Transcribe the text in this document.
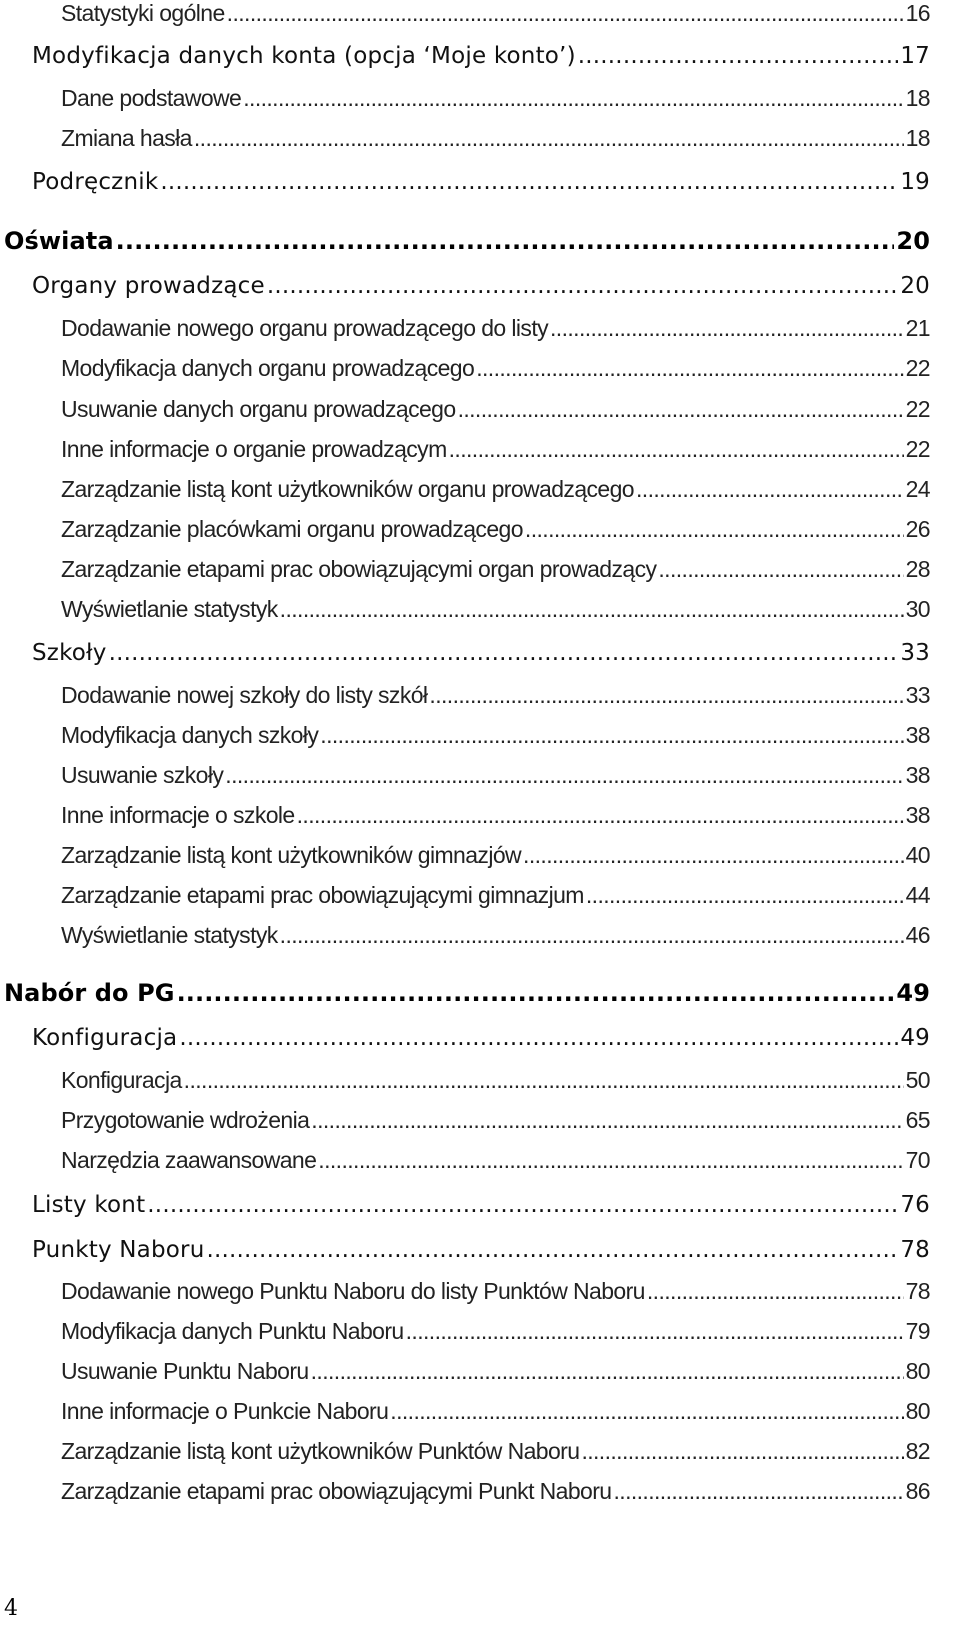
Statystyki ogólne .....	16
Modyfikacja danych konta (opcja ‘Moje konto’) .....	17
Dane podstawowe .....	18
Zmiana hasła .....	18
Podręcznik .....	19
Oświata .....	20
Organy prowadzące .....	20
Dodawanie nowego organu prowadzącego do listy .....	21
Modyfikacja danych organu prowadzącego .....	22
Usuwanie danych organu prowadzącego .....	22
Inne informacje o organie prowadzącym .....	22
Zarządzanie listą kont użytkowników organu prowadzącego .....	24
Zarządzanie placówkami organu prowadzącego .....	26
Zarządzanie etapami prac obowiązującymi organ prowadzący .....	28
Wyświetlanie statystyk .....	30
Szkoły .....	33
Dodawanie nowej szkoły do listy szkół .....	33
Modyfikacja danych szkoły .....	38
Usuwanie szkoły .....	38
Inne informacje o szkole .....	38
Zarządzanie listą kont użytkowników gimnazjów .....	40
Zarządzanie etapami prac obowiązującymi gimnazjum .....	44
Wyświetlanie statystyk .....	46
Nabór do PG .....	49
Konfiguracja .....	49
Konfiguracja .....	50
Przygotowanie wdrożenia .....	65
Narzędzia zaawansowane .....	70
Listy kont .....	76
Punkty Naboru .....	78
Dodawanie nowego Punktu Naboru do listy Punktów Naboru .....	78
Modyfikacja danych Punktu Naboru .....	79
Usuwanie Punktu Naboru .....	80
Inne informacje o Punkcie Naboru .....	80
Zarządzanie listą kont użytkowników Punktów Naboru .....	82
Zarządzanie etapami prac obowiązującymi Punkt Naboru .....	86
4
